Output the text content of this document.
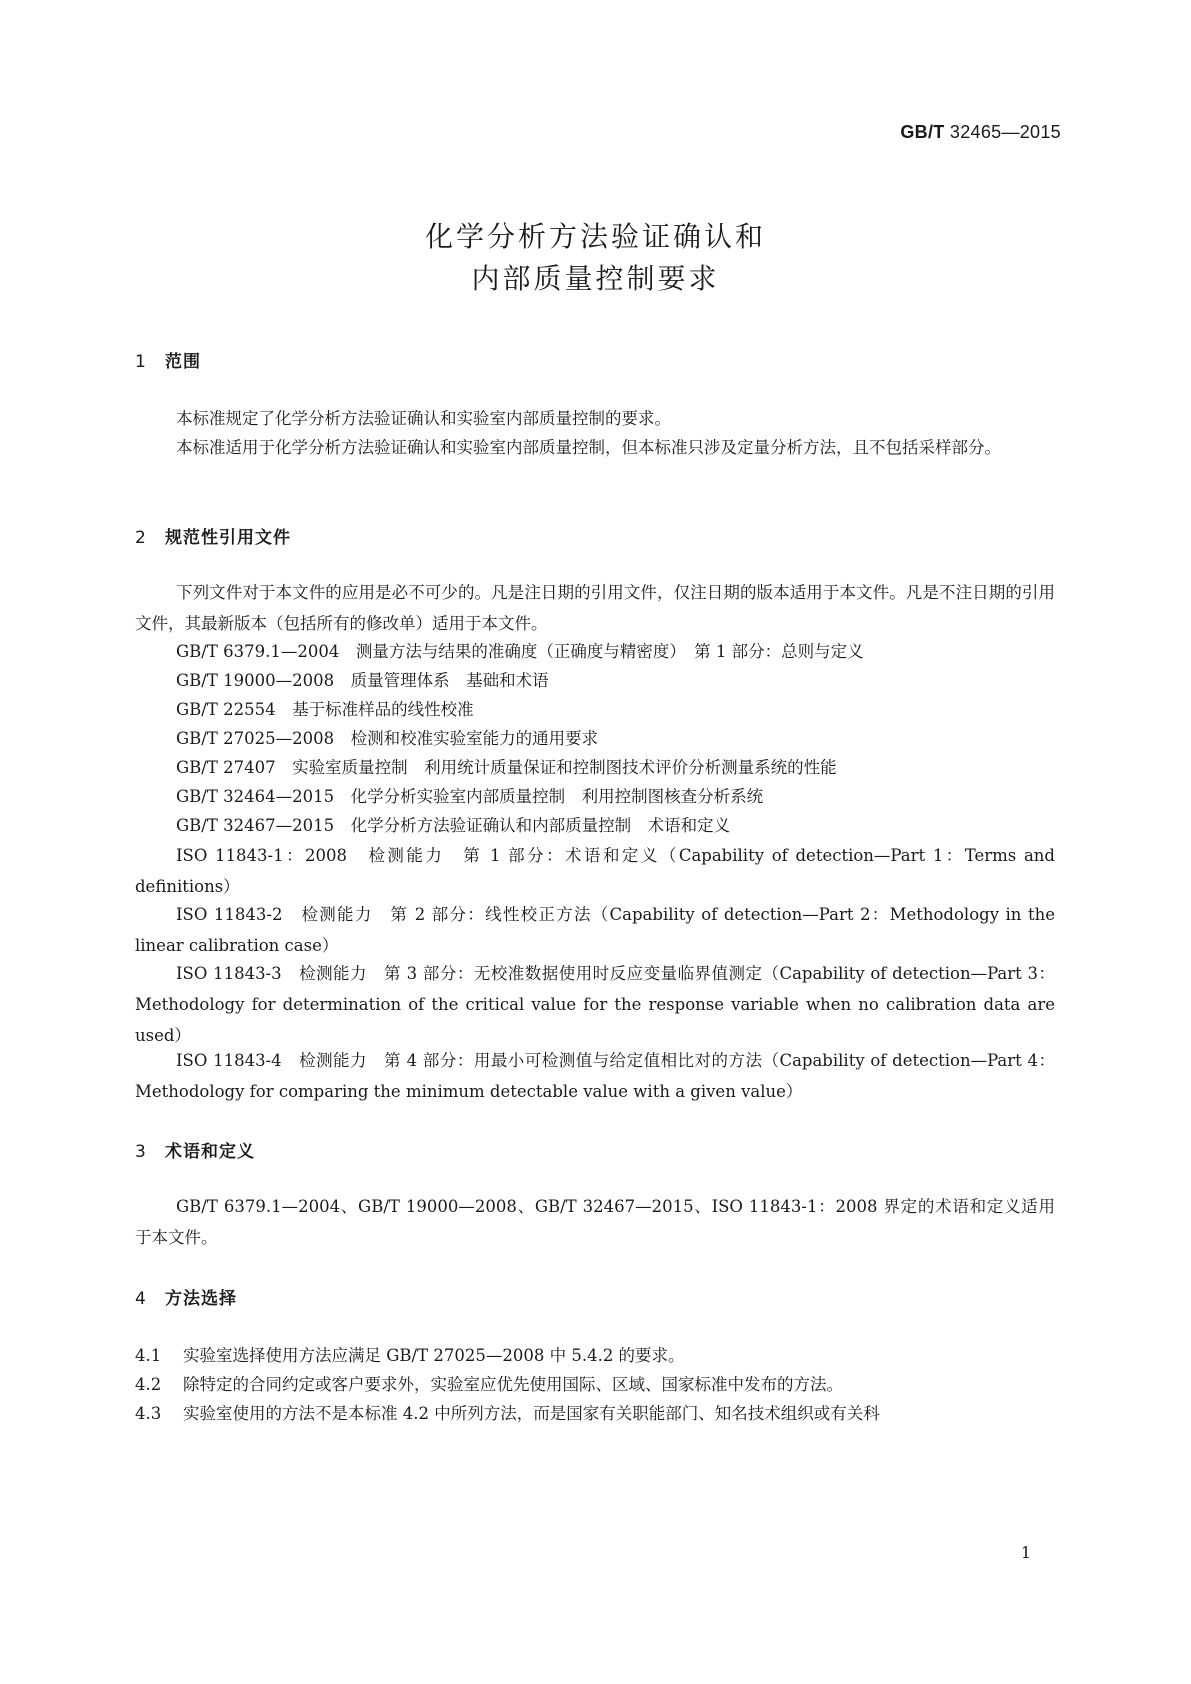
GB/T 32465—2015
化学分析方法验证确认和
内部质量控制要求
1 范围

本标准规定了化学分析方法验证确认和实验室内部质量控制的要求。

本标准适用于化学分析方法验证确认和实验室内部质量控制，但本标准只涉及定量分析方法，且不包括采样部分。

2 规范性引用文件

下列文件对于本文件的应用是必不可少的。凡是注日期的引用文件，仅注日期的版本适用于本文件。凡是不注日期的引用文件，其最新版本（包括所有的修改单）适用于本文件。

GB/T 6379.1—2004　测量方法与结果的准确度（正确度与精密度）　第 1 部分：总则与定义
GB/T 19000—2008　质量管理体系　基础和术语
GB/T 22554　基于标准样品的线性校准
GB/T 27025—2008　检测和校准实验室能力的通用要求
GB/T 27407　实验室质量控制　利用统计质量保证和控制图技术评价分析测量系统的性能
GB/T 32464—2015　化学分析实验室内部质量控制　利用控制图核查分析系统
GB/T 32467—2015　化学分析方法验证确认和内部质量控制　术语和定义

ISO 11843-1：2008　检测能力　第 1 部分：术语和定义（Capability of detection—Part 1：Terms and definitions）

ISO 11843-2　检测能力　第 2 部分：线性校正方法（Capability of detection—Part 2：Methodology in the linear calibration case）

ISO 11843-3　检测能力　第 3 部分：无校准数据使用时反应变量临界值测定（Capability of detection—Part 3：Methodology for determination of the critical value for the response variable when no calibration data are used）

ISO 11843-4　检测能力　第 4 部分：用最小可检测值与给定值相比对的方法（Capability of detection—Part 4：Methodology for comparing the minimum detectable value with a given value）

3 术语和定义

GB/T 6379.1—2004、GB/T 19000—2008、GB/T 32467—2015、ISO 11843-1：2008 界定的术语和定义适用于本文件。

4 方法选择
4.1 实验室选择使用方法应满足 GB/T 27025—2008 中 5.4.2 的要求。
4.2 除特定的合同约定或客户要求外，实验室应优先使用国际、区域、国家标准中发布的方法。
4.3 实验室使用的方法不是本标准 4.2 中所列方法，而是国家有关职能部门、知名技术组织或有关科
1
